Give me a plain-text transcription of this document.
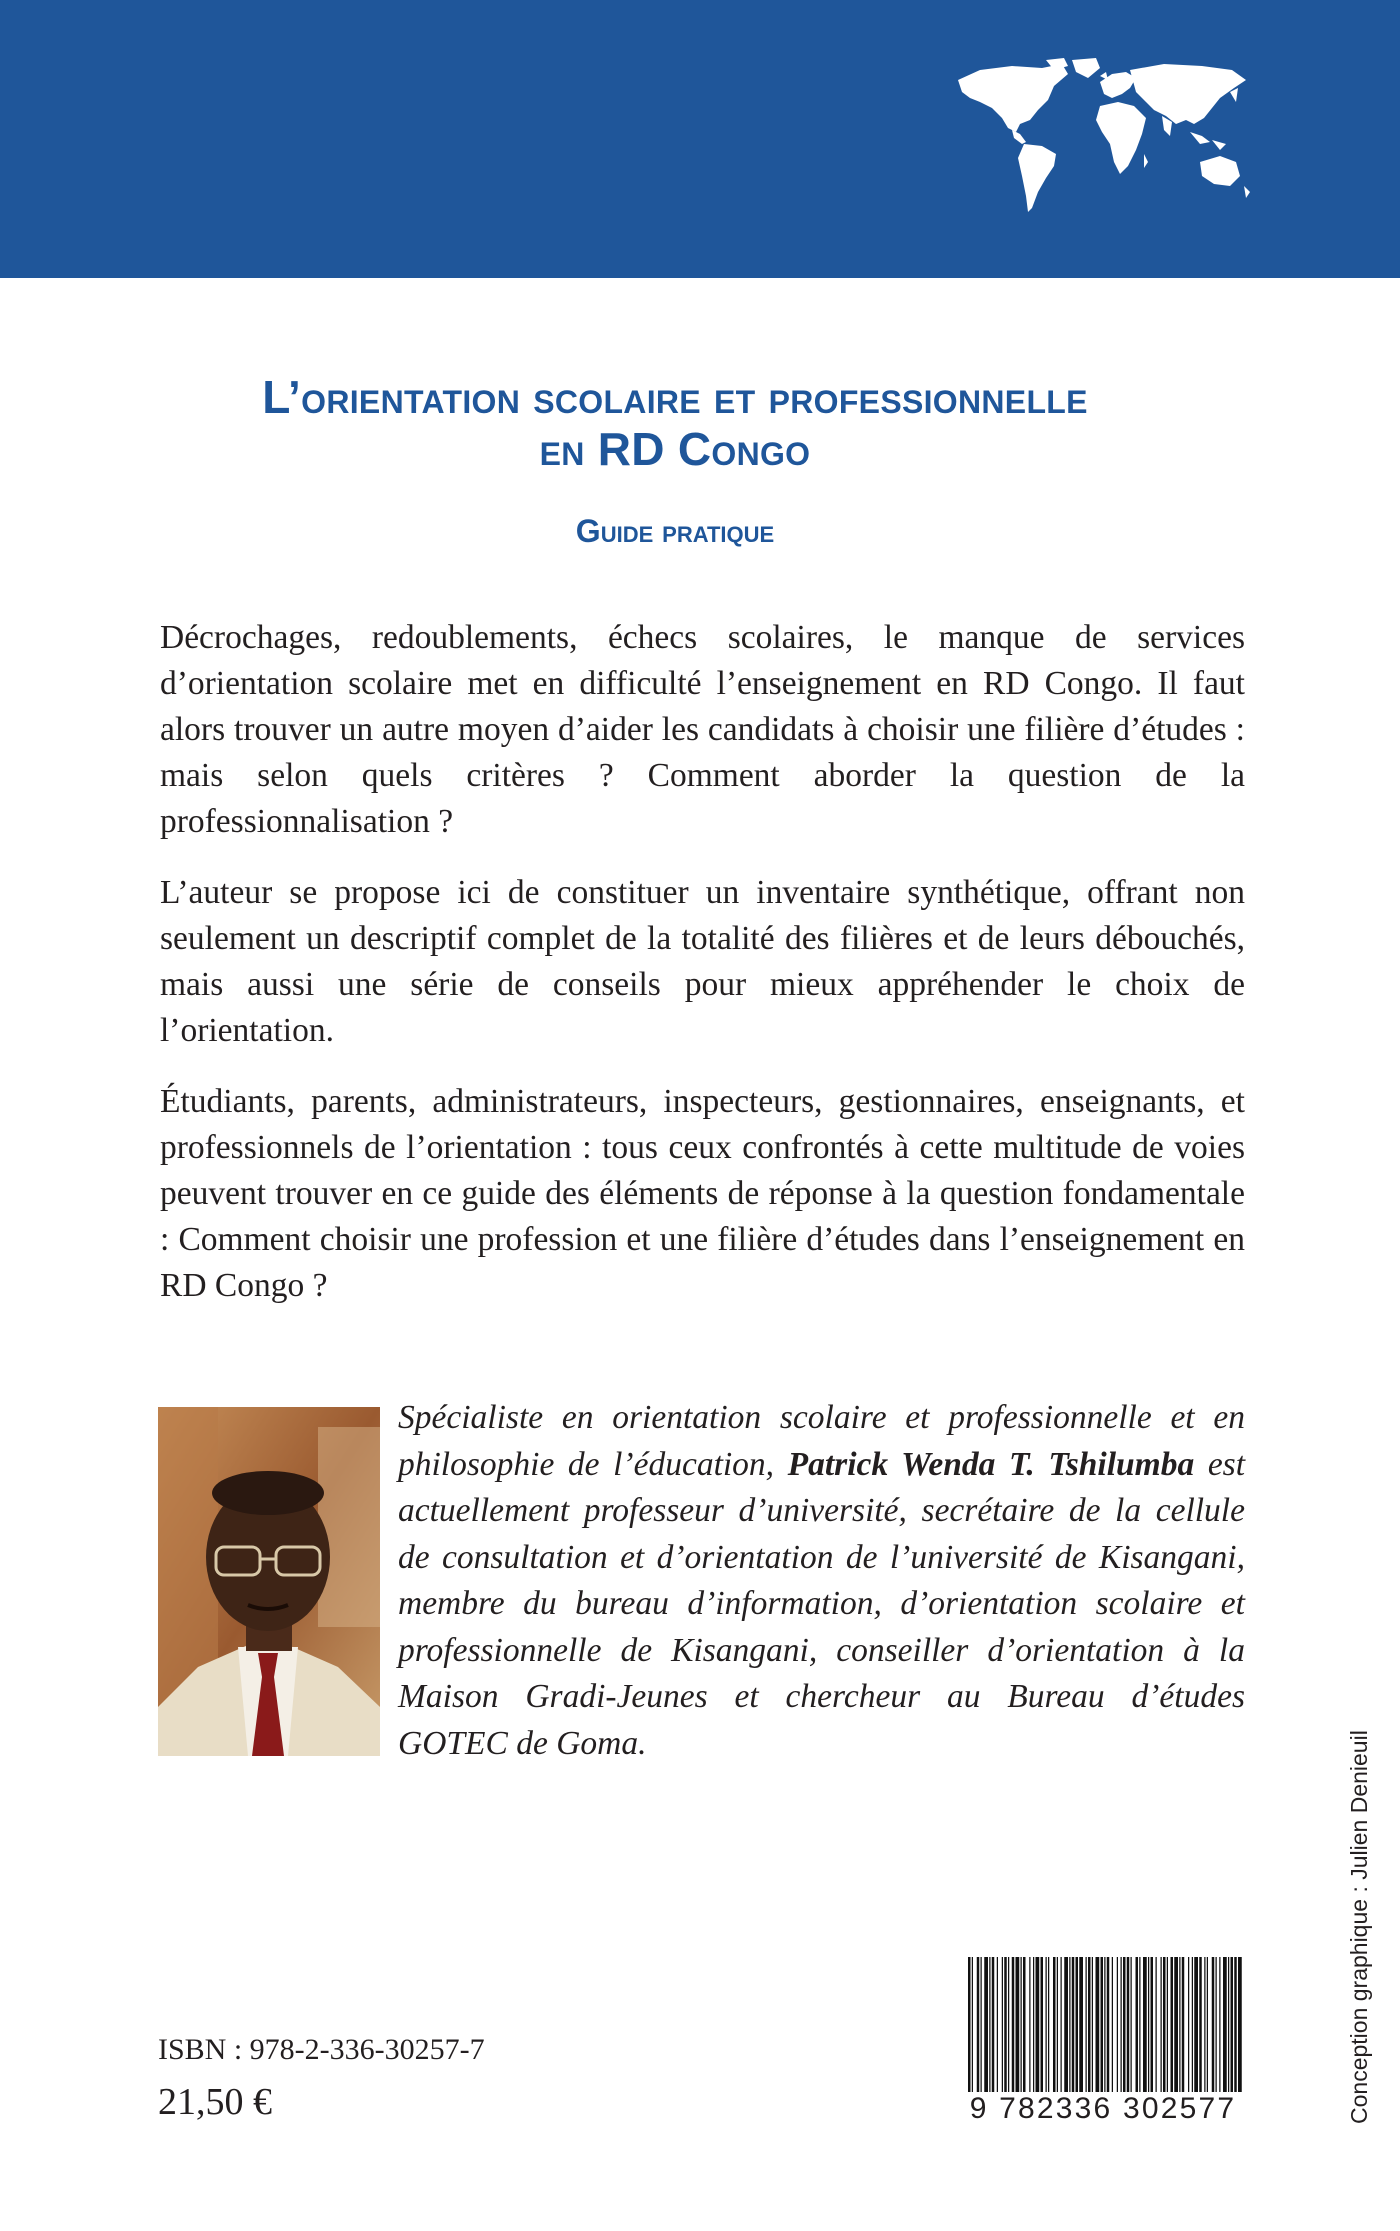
L’orientation scolaire et professionnelle
en RD Congo
Guide pratique

Décrochages, redoublements, échecs scolaires, le manque de services d’orientation scolaire met en difficulté l’enseignement en RD Congo. Il faut alors trouver un autre moyen d’aider les candidats à choisir une filière d’études : mais selon quels critères ? Comment aborder la question de la professionnalisation ?

L’auteur se propose ici de constituer un inventaire synthétique, offrant non seulement un descriptif complet de la totalité des filières et de leurs débouchés, mais aussi une série de conseils pour mieux appréhender le choix de l’orientation.

Étudiants, parents, administrateurs, inspecteurs, gestionnaires, enseignants, et professionnels de l’orientation : tous ceux confrontés à cette multitude de voies peuvent trouver en ce guide des éléments de réponse à la question fondamentale : Comment choisir une profession et une filière d’études dans l’enseignement en RD Congo ?

Spécialiste en orientation scolaire et professionnelle et en philosophie de l’éducation, Patrick Wenda T. Tshilumba est actuellement professeur d’université, secrétaire de la cellule de consultation et d’orientation de l’université de Kisangani, membre du bureau d’information, d’orientation scolaire et professionnelle de Kisangani, conseiller d’orientation à la Maison Gradi-Jeunes et chercheur au Bureau d’études GOTEC de Goma.
ISBN : 978-2-336-30257-7
21,50 €	9 782336 302577	Conception graphique : Julien Denieuil
